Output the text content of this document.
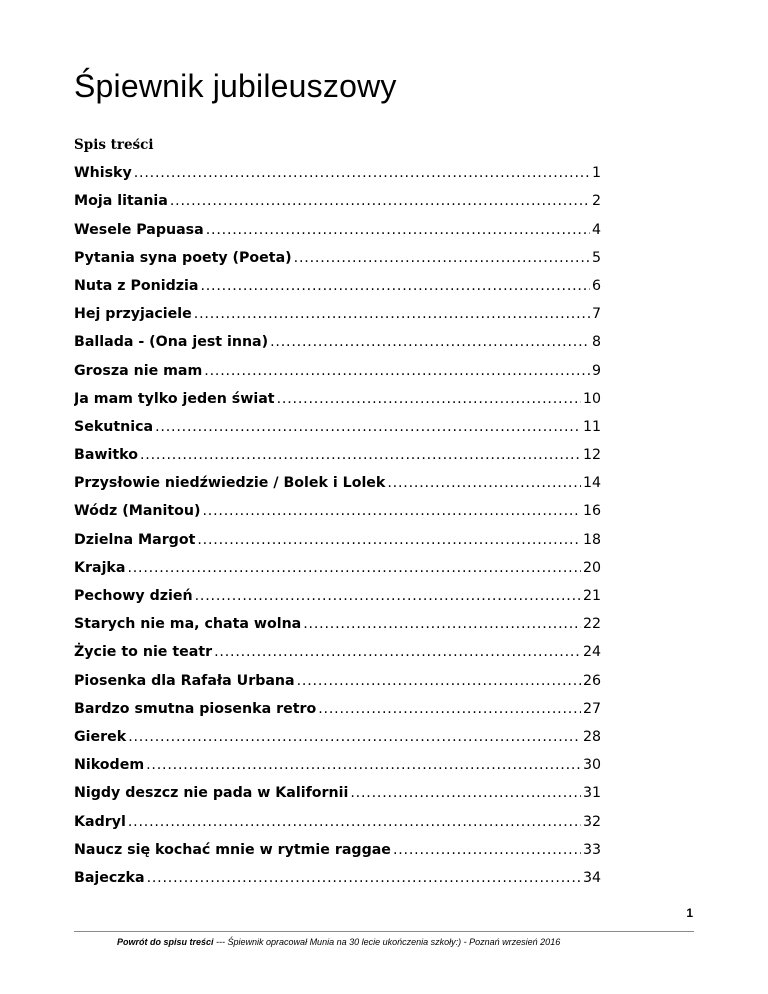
Śpiewnik jubileuszowy
Spis treści
Whisky .....	1
Moja litania .....	2
Wesele Papuasa .....	4
Pytania syna poety (Poeta) .....	5
Nuta z Ponidzia .....	6
Hej przyjaciele .....	7
Ballada - (Ona jest inna) .....	8
Grosza nie mam .....	9
Ja mam tylko jeden świat .....	10
Sekutnica .....	11
Bawitko .....	12
Przysłowie niedźwiedzie / Bolek i Lolek .....	14
Wódz (Manitou) .....	16
Dzielna Margot .....	18
Krajka .....	20
Pechowy dzień .....	21
Starych nie ma, chata wolna .....	22
Życie to nie teatr .....	24
Piosenka dla Rafała Urbana .....	26
Bardzo smutna piosenka retro .....	27
Gierek .....	28
Nikodem .....	30
Nigdy deszcz nie pada w Kalifornii .....	31
Kadryl .....	32
Naucz się kochać mnie w rytmie raggae .....	33
Bajeczka .....	34
1
Powrót do spisu treści --- Śpiewnik opracował Munia na 30 lecie ukończenia szkoły:) - Poznań wrzesień 2016
